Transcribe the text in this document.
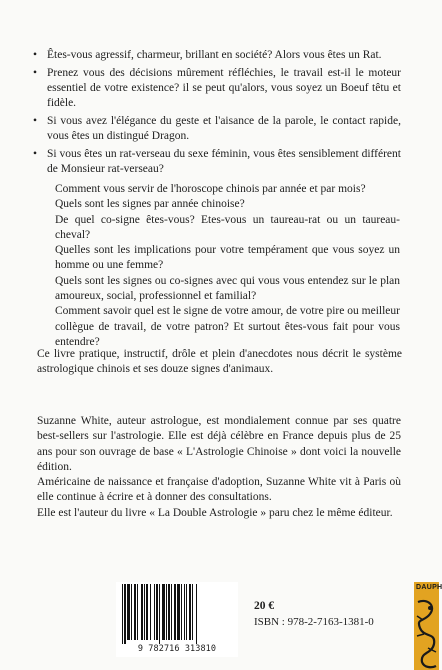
• Êtes-vous agressif, charmeur, brillant en société? Alors vous êtes un Rat.
• Prenez vous des décisions mûrement réfléchies, le travail est-il le moteur essentiel de votre existence? il se peut qu'alors, vous soyez un Boeuf têtu et fidèle.
• Si vous avez l'élégance du geste et l'aisance de la parole, le contact rapide, vous êtes un distingué Dragon.
• Si vous êtes un rat-verseau du sexe féminin, vous êtes sensiblement différent de Monsieur rat-verseau?

Comment vous servir de l'horoscope chinois par année et par mois?

Quels sont les signes par année chinoise?

De quel co-signe êtes-vous? Etes-vous un taureau-rat ou un taureau-cheval?

Quelles sont les implications pour votre tempérament que vous soyez un homme ou une femme?

Quels sont les signes ou co-signes avec qui vous vous entendez sur le plan amoureux, social, professionnel et familial?

Comment savoir quel est le signe de votre amour, de votre pire ou meilleur collègue de travail, de votre patron? Et surtout êtes-vous fait pour vous entendre?

Ce livre pratique, instructif, drôle et plein d'anecdotes nous décrit le système astrologique chinois et ses douze signes d'animaux.

Suzanne White, auteur astrologue, est mondialement connue par ses quatre best-sellers sur l'astrologie. Elle est déjà célèbre en France depuis plus de 25 ans pour son ouvrage de base « L'Astrologie Chinoise » dont voici la nouvelle édition.

Américaine de naissance et française d'adoption, Suzanne White vit à Paris où elle continue à écrire et à donner des consultations.

Elle est l'auteur du livre « La Double Astrologie » paru chez le même éditeur.

9 782716 313810
20 €
ISBN : 978-2-7163-1381-0
DAUPH
